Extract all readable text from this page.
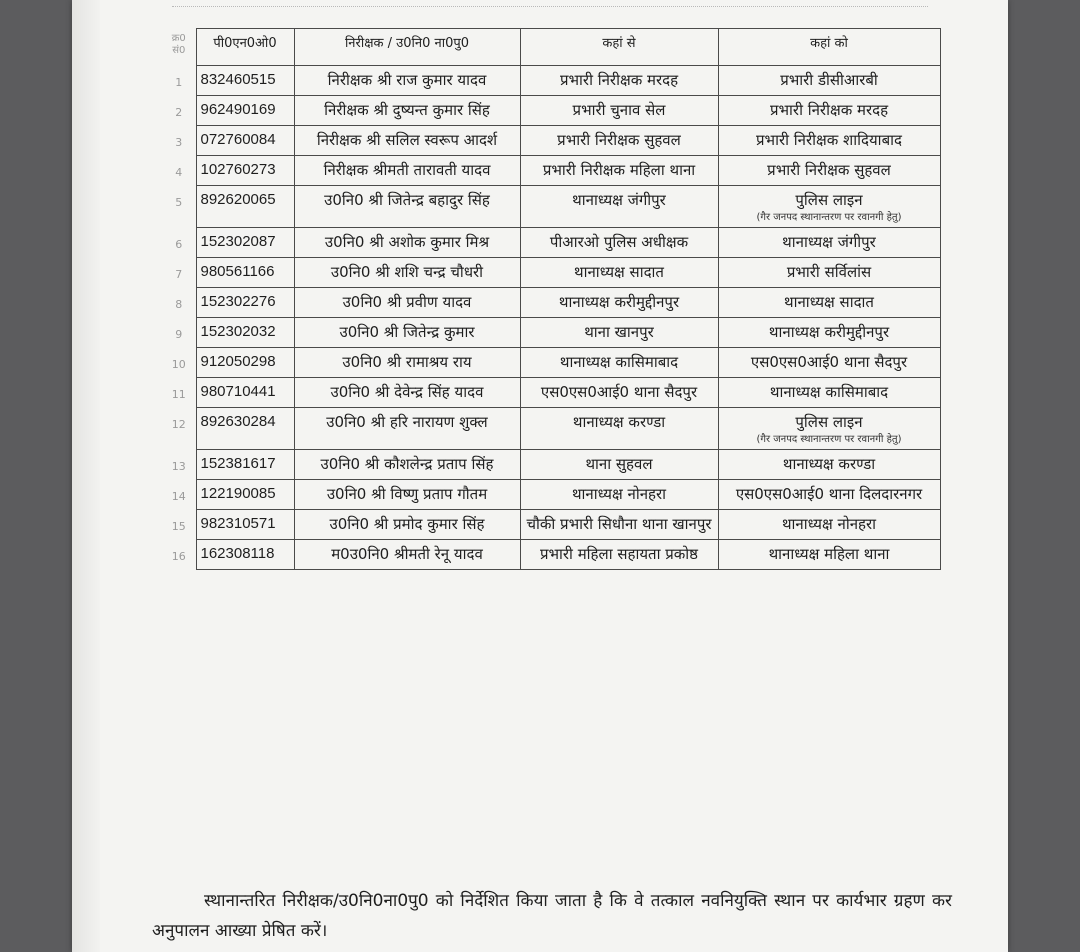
क्र0 सं0	पी0एन0ओ0	निरीक्षक / उ0नि0 ना0पु0	कहां से	कहां को
1	832460515	निरीक्षक श्री राज कुमार यादव	प्रभारी निरीक्षक मरदह	प्रभारी डीसीआरबी
2	962490169	निरीक्षक श्री दुष्यन्त कुमार सिंह	प्रभारी चुनाव सेल	प्रभारी निरीक्षक मरदह
3	072760084	निरीक्षक श्री सलिल स्वरूप आदर्श	प्रभारी निरीक्षक सुहवल	प्रभारी निरीक्षक शादियाबाद
4	102760273	निरीक्षक श्रीमती तारावती यादव	प्रभारी निरीक्षक महिला थाना	प्रभारी निरीक्षक सुहवल
5	892620065	उ0नि0 श्री जितेन्द्र बहादुर सिंह	थानाध्यक्ष जंगीपुर	पुलिस लाइन
(गैर जनपद स्थानान्तरण पर रवानगी हेतु)

6	152302087	उ0नि0 श्री अशोक कुमार मिश्र	पीआरओ पुलिस अधीक्षक	थानाध्यक्ष जंगीपुर
7	980561166	उ0नि0 श्री शशि चन्द्र चौधरी	थानाध्यक्ष सादात	प्रभारी सर्विलांस
8	152302276	उ0नि0 श्री प्रवीण यादव	थानाध्यक्ष करीमुद्दीनपुर	थानाध्यक्ष सादात
9	152302032	उ0नि0 श्री जितेन्द्र कुमार	थाना खानपुर	थानाध्यक्ष करीमुद्दीनपुर
10	912050298	उ0नि0 श्री रामाश्रय राय	थानाध्यक्ष कासिमाबाद	एस0एस0आई0 थाना सैदपुर
11	980710441	उ0नि0 श्री देवेन्द्र सिंह यादव	एस0एस0आई0 थाना सैदपुर	थानाध्यक्ष कासिमाबाद
12	892630284	उ0नि0 श्री हरि नारायण शुक्ल	थानाध्यक्ष करण्डा	पुलिस लाइन
(गैर जनपद स्थानान्तरण पर रवानगी हेतु)

13	152381617	उ0नि0 श्री कौशलेन्द्र प्रताप सिंह	थाना सुहवल	थानाध्यक्ष करण्डा
14	122190085	उ0नि0 श्री विष्णु प्रताप गौतम	थानाध्यक्ष नोनहरा	एस0एस0आई0 थाना दिलदारनगर
15	982310571	उ0नि0 श्री प्रमोद कुमार सिंह	चौकी प्रभारी सिधौना थाना खानपुर	थानाध्यक्ष नोनहरा
16	162308118	म0उ0नि0 श्रीमती रेनू यादव	प्रभारी महिला सहायता प्रकोष्ठ	थानाध्यक्ष महिला थाना
स्थानान्तरित निरीक्षक/उ0नि0ना0पु0 को निर्देशित किया जाता है कि वे तत्काल नवनियुक्ति स्थान पर कार्यभार ग्रहण कर अनुपालन आख्या प्रेषित करें।
